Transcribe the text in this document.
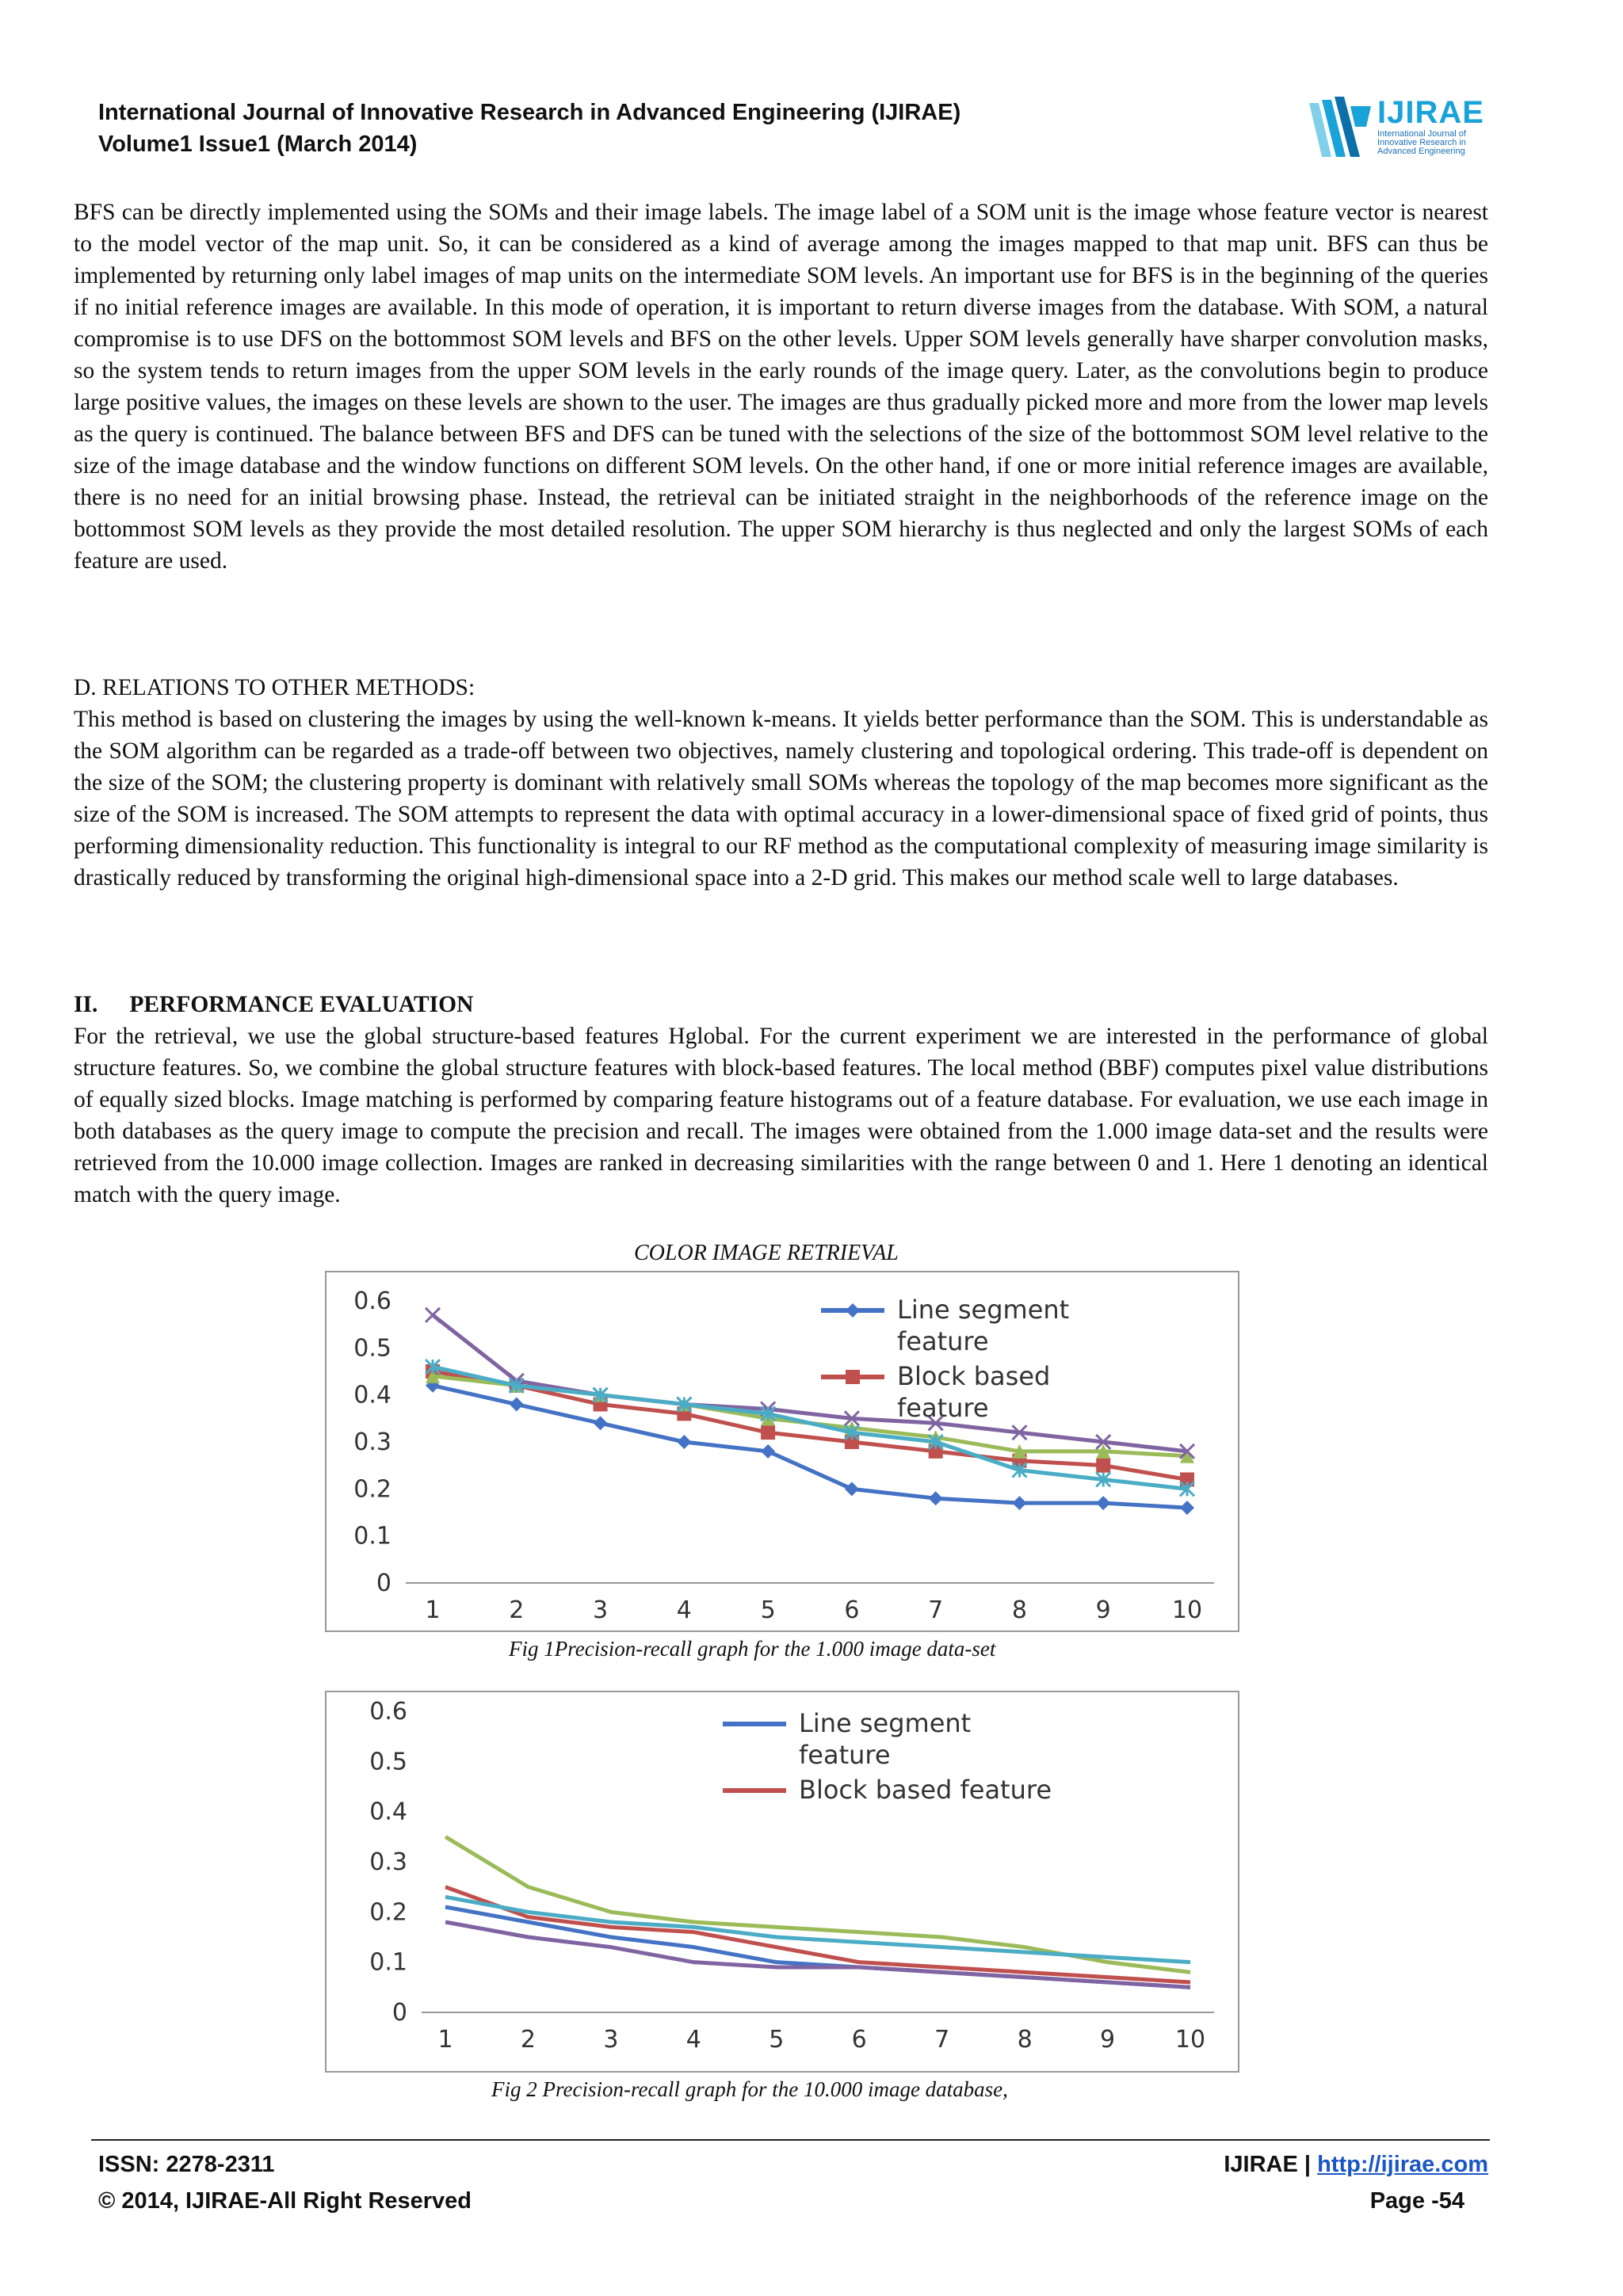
International Journal of Innovative Research in Advanced Engineering (IJIRAE)
Volume1 Issue1 (March 2014)
IJIRAE
International Journal of Innovative Research in Advanced Engineering
BFS can be directly implemented using the SOMs and their image labels. The image label of a SOM unit is the image whose feature vector is nearest to the model vector of the map unit. So, it can be considered as a kind of average among the images mapped to that map unit. BFS can thus be implemented by returning only label images of map units on the intermediate SOM levels. An important use for BFS is in the beginning of the queries if no initial reference images are available. In this mode of operation, it is important to return diverse images from the database. With SOM, a natural compromise is to use DFS on the bottommost SOM levels and BFS on the other levels. Upper SOM levels generally have sharper convolution masks, so the system tends to return images from the upper SOM levels in the early rounds of the image query. Later, as the convolutions begin to produce large positive values, the images on these levels are shown to the user. The images are thus gradually picked more and more from the lower map levels as the query is continued. The balance between BFS and DFS can be tuned with the selections of the size of the bottommost SOM level relative to the size of the image database and the window functions on different SOM levels. On the other hand, if one or more initial reference images are available, there is no need for an initial browsing phase. Instead, the retrieval can be initiated straight in the neighborhoods of the reference image on the bottommost SOM levels as they provide the most detailed resolution. The upper SOM hierarchy is thus neglected and only the largest SOMs of each feature are used.
D. RELATIONS TO OTHER METHODS:
This method is based on clustering the images by using the well-known k-means. It yields better performance than the SOM. This is understandable as the SOM algorithm can be regarded as a trade-off between two objectives, namely clustering and topological ordering. This trade-off is dependent on the size of the SOM; the clustering property is dominant with relatively small SOMs whereas the topology of the map becomes more significant as the size of the SOM is increased. The SOM attempts to represent the data with optimal accuracy in a lower-dimensional space of fixed grid of points, thus performing dimensionality reduction. This functionality is integral to our RF method as the computational complexity of measuring image similarity is drastically reduced by transforming the original high-dimensional space into a 2-D grid. This makes our method scale well to large databases.
II. PERFORMANCE EVALUATION
For the retrieval, we use the global structure-based features Hglobal. For the current experiment we are interested in the performance of global structure features. So, we combine the global structure features with block-based features. The local method (BBF) computes pixel value distributions of equally sized blocks. Image matching is performed by comparing feature histograms out of a feature database. For evaluation, we use each image in both databases as the query image to compute the precision and recall. The images were obtained from the 1.000 image data-set and the results were retrieved from the 10.000 image collection. Images are ranked in decreasing similarities with the range between 0 and 1. Here 1 denoting an identical match with the query image.
COLOR IMAGE RETRIEVAL
0
0.1
0.2
0.3
0.4
0.5
0.6
1	2	3	4	5	6	7	8	9	10
Line segment
feature
Block based
feature
Fig 1Precision-recall graph for the 1.000 image data-set
0
0.1
0.2
0.3
0.4
0.5
0.6
1	2	3	4	5	6	7	8	9	10
Line segment
feature
Block based feature
Fig 2 Precision-recall graph for the 10.000 image database,
ISSN: 2278-2311
© 2014, IJIRAE-All Right Reserved
IJIRAE | http://ijirae.com
Page -54
